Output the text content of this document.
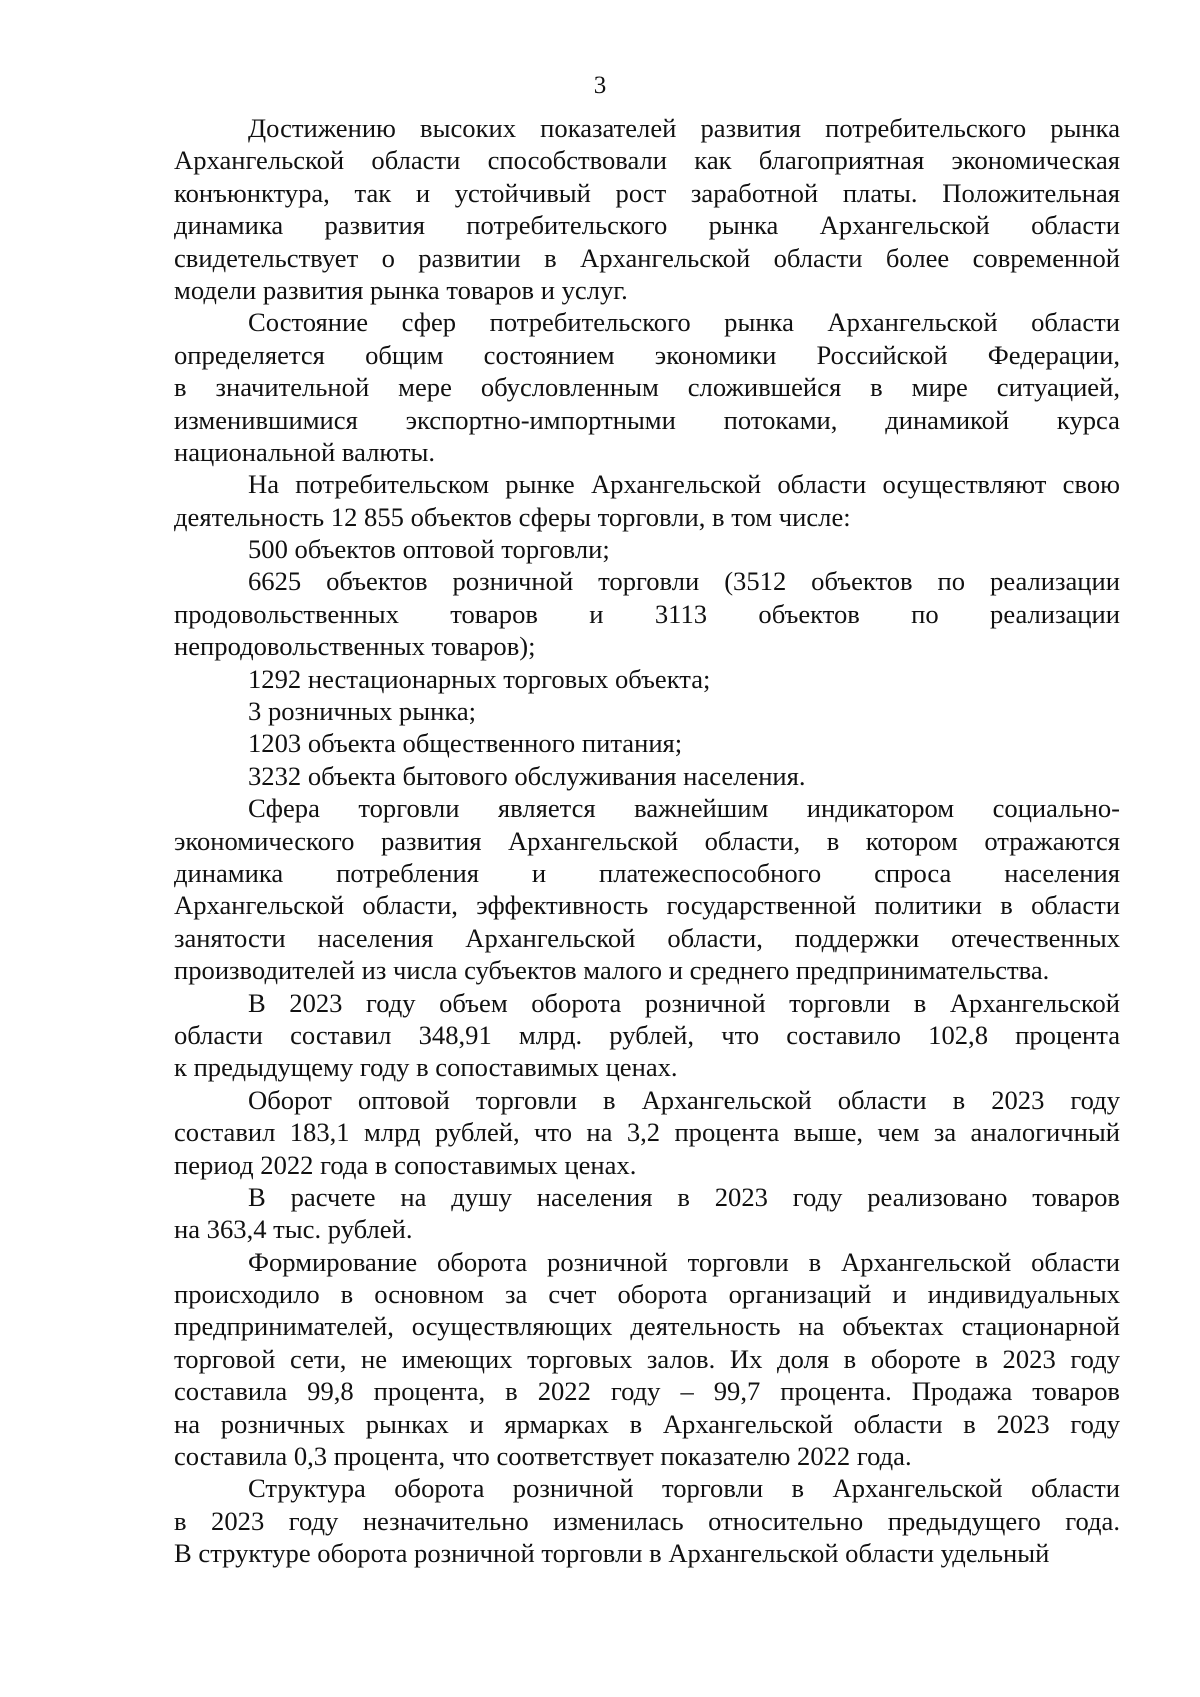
3
Достижению высоких показателей развития потребительского рынка
Архангельской области способствовали как благоприятная экономическая
конъюнктура, так и устойчивый рост заработной платы. Положительная
динамика развития потребительского рынка Архангельской области
свидетельствует о развитии в Архангельской области более современной
модели развития рынка товаров и услуг.
Состояние сфер потребительского рынка Архангельской области
определяется общим состоянием экономики Российской Федерации,
в значительной мере обусловленным сложившейся в мире ситуацией,
изменившимися экспортно-импортными потоками, динамикой курса
национальной валюты.
На потребительском рынке Архангельской области осуществляют свою
деятельность 12 855 объектов сферы торговли, в том числе:
500 объектов оптовой торговли;
6625 объектов розничной торговли (3512 объектов по реализации
продовольственных товаров и 3113 объектов по реализации
непродовольственных товаров);
1292 нестационарных торговых объекта;
3 розничных рынка;
1203 объекта общественного питания;
3232 объекта бытового обслуживания населения.
Сфера торговли является важнейшим индикатором социально-
экономического развития Архангельской области, в котором отражаются
динамика потребления и платежеспособного спроса населения
Архангельской области, эффективность государственной политики в области
занятости населения Архангельской области, поддержки отечественных
производителей из числа субъектов малого и среднего предпринимательства.
В 2023 году объем оборота розничной торговли в Архангельской
области составил 348,91 млрд. рублей, что составило 102,8 процента
к предыдущему году в сопоставимых ценах.
Оборот оптовой торговли в Архангельской области в 2023 году
составил 183,1 млрд рублей, что на 3,2 процента выше, чем за аналогичный
период 2022 года в сопоставимых ценах.
В расчете на душу населения в 2023 году реализовано товаров
на 363,4 тыс. рублей.
Формирование оборота розничной торговли в Архангельской области
происходило в основном за счет оборота организаций и индивидуальных
предпринимателей, осуществляющих деятельность на объектах стационарной
торговой сети, не имеющих торговых залов. Их доля в обороте в 2023 году
составила 99,8 процента, в 2022 году – 99,7 процента. Продажа товаров
на розничных рынках и ярмарках в Архангельской области в 2023 году
составила 0,3 процента, что соответствует показателю 2022 года.
Структура оборота розничной торговли в Архангельской области
в 2023 году незначительно изменилась относительно предыдущего года.
В структуре оборота розничной торговли в Архангельской области удельный
